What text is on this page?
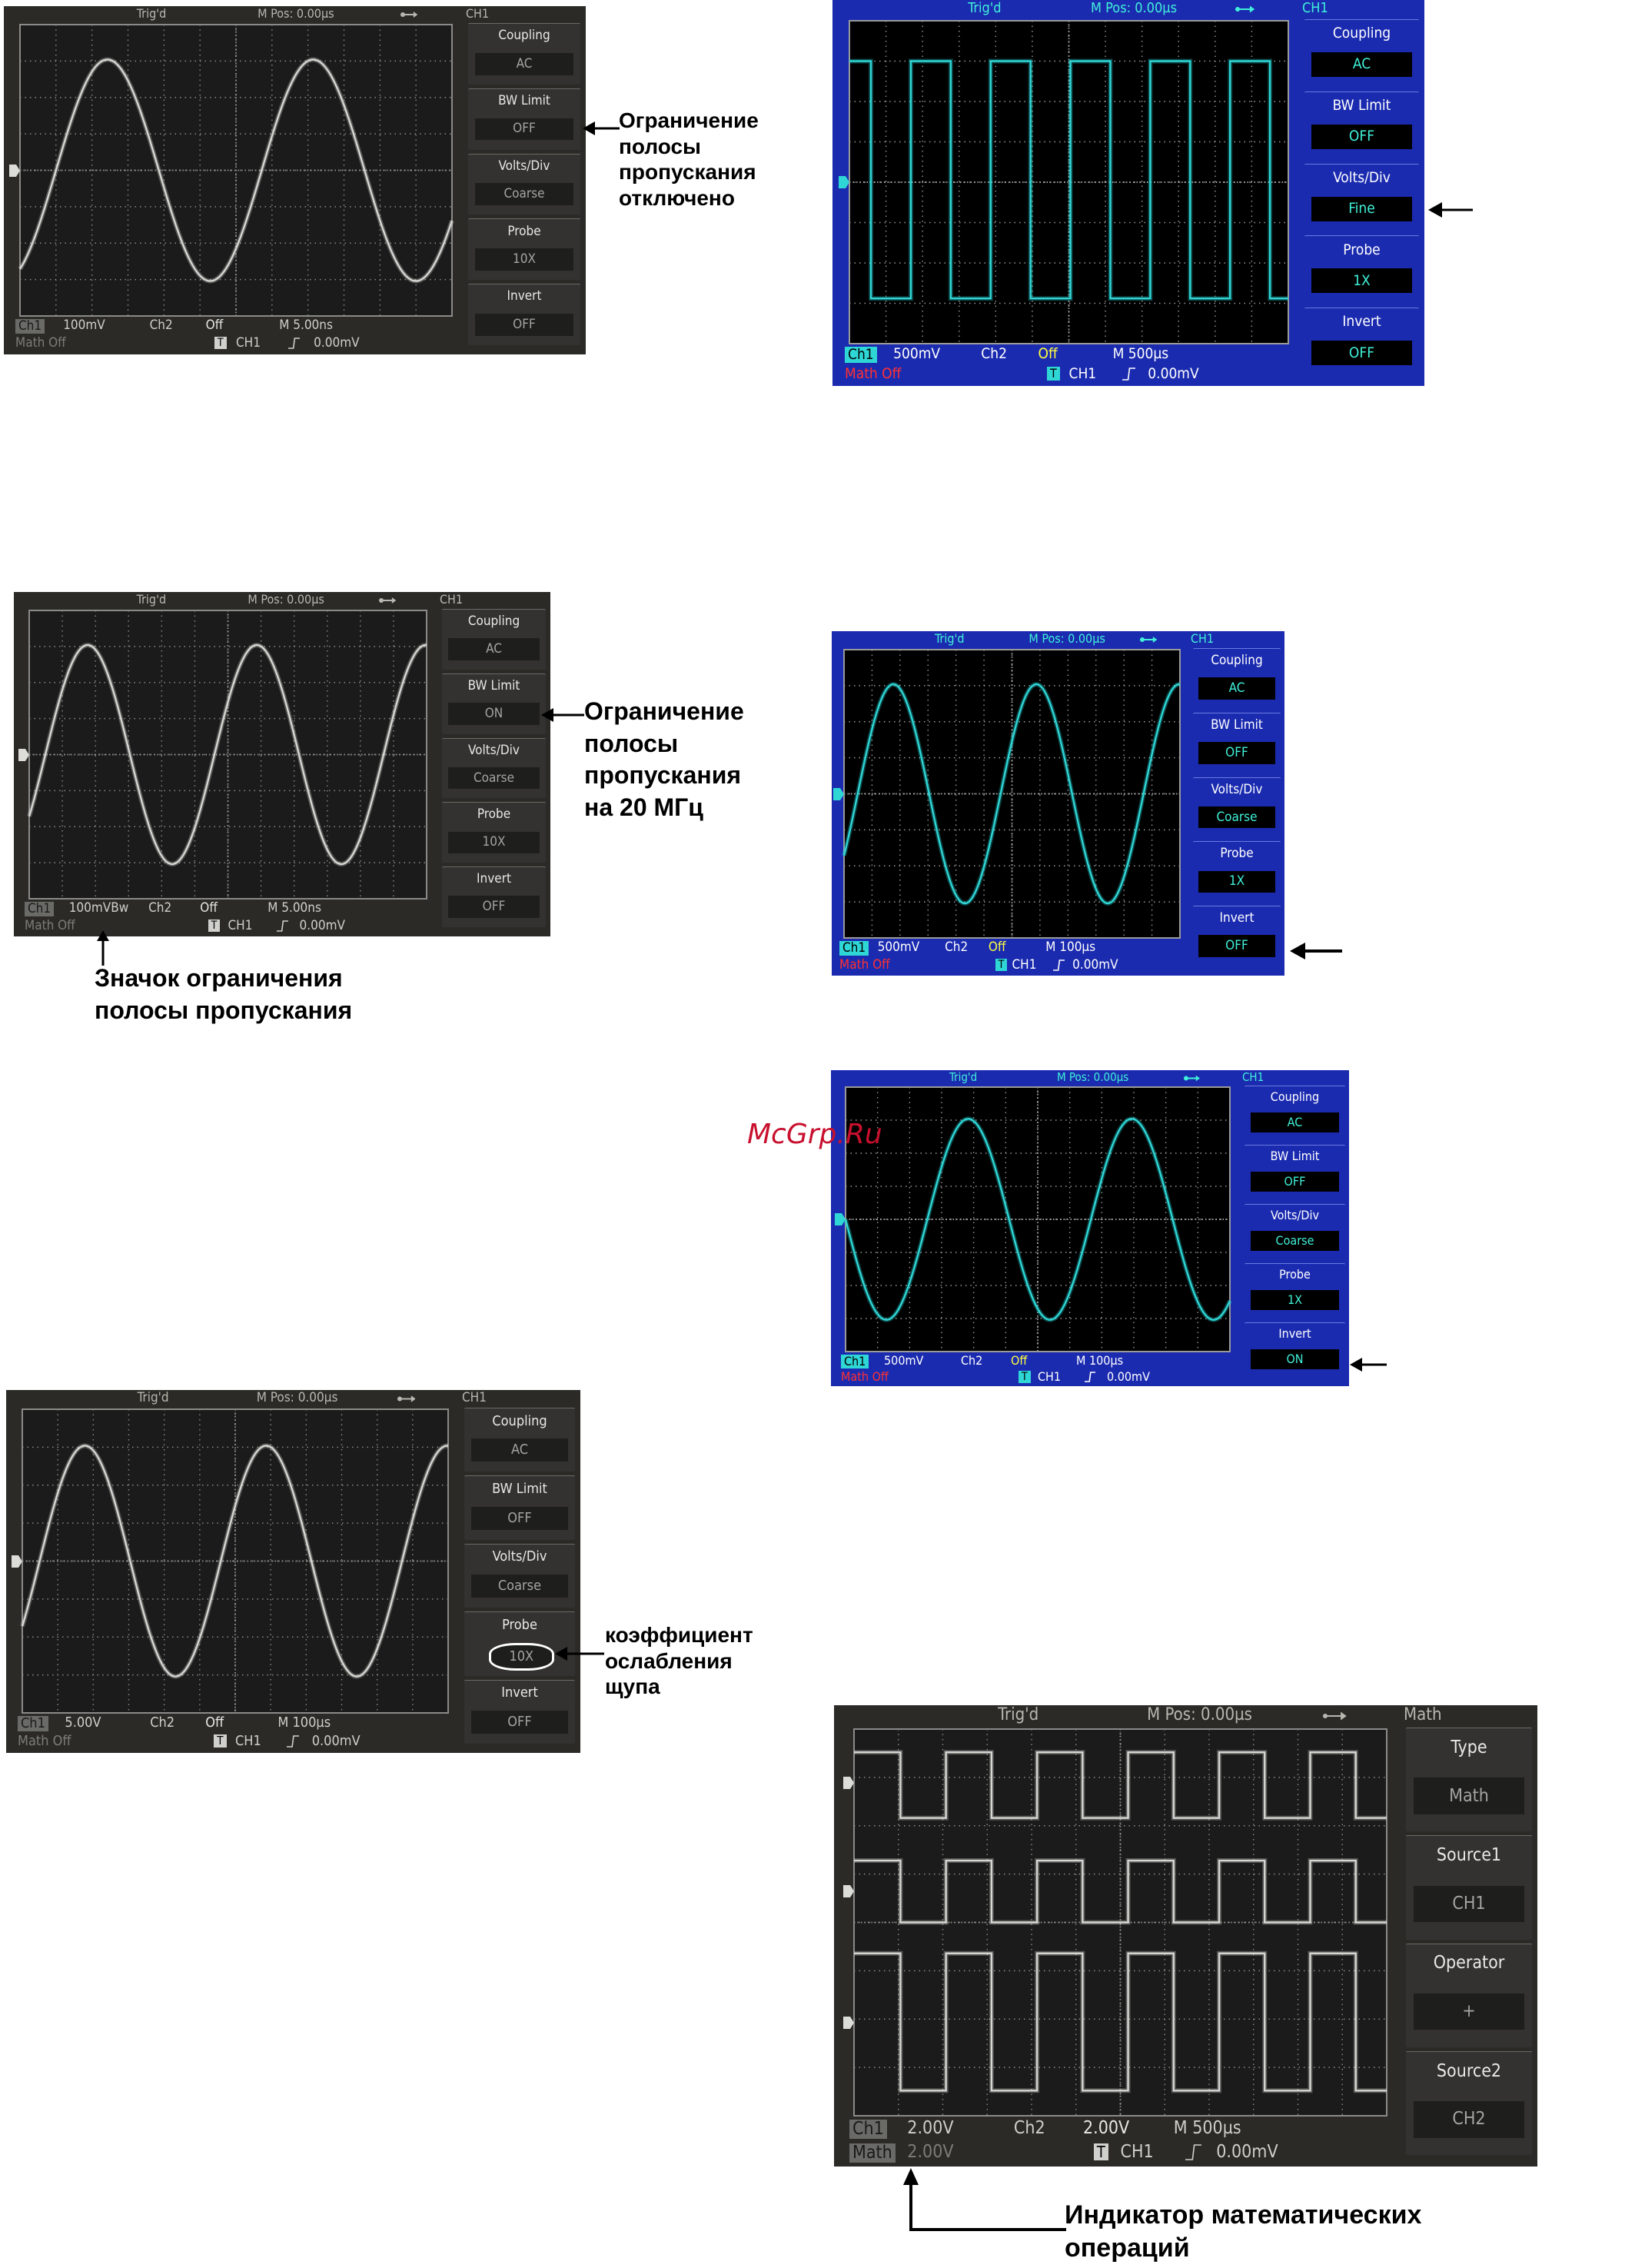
Trig'd	M Pos: 0.00µs	CH1
Coupling
AC
BW Limit
OFF
Volts/Div
Coarse
Probe
10X
Invert
OFF
Ch1 100mV	Ch2	Off	M 5.00ns
Math Off	T CH1	0.00mV
Trig'd	M Pos: 0.00µs	CH1
Coupling
AC
BW Limit
OFF
Volts/Div
Fine
Probe
1X
Invert
OFF
Ch1 500mV	Ch2 Off	M 500µs
Math Off	T CH1	0.00mV
Trig'd	M Pos: 0.00µs	CH1
Coupling
AC
BW Limit
ON
Volts/Div
Coarse
Probe
10X
Invert
OFF
Ch1 100mVBw Ch2 Off	M 5.00ns
Math Off	T CH1	0.00mV
Trig'd	M Pos: 0.00µs	CH1
Coupling
AC
BW Limit
OFF
Volts/Div
Coarse
Probe
1X
Invert
OFF
Ch1 500mV Ch2 Off	M 100µs
Math Off	T CH1	0.00mV
Trig'd	M Pos: 0.00µs	CH1
Coupling
AC
BW Limit
OFF
Volts/Div
Coarse
Probe
1X
Invert
ON
Ch1 500mV	Ch2 Off	M 100µs
Math Off	T CH1	0.00mV
Trig'd	M Pos: 0.00µs	CH1
Coupling
AC
BW Limit
OFF
Volts/Div
Coarse
Probe
10X
Invert
OFF
Ch1 5.00V	Ch2 Off	M 100µs
Math Off	T CH1	0.00mV
Trig'd	M Pos: 0.00µs	Math
Type
Math
Source1
CH1
Operator
+
Source2
CH2
Ch1 2.00V	Ch2 2.00V	M 500µs
Math 2.00V	T CH1	0.00mV
Ограничение
полосы
пропускания
отключено
Ограничение
полосы
пропускания
на 20 МГц
Значок ограничения
полосы пропускания
коэффициент
ослабления
щупа
Индикатор математических
операций
McGrp.Ru
